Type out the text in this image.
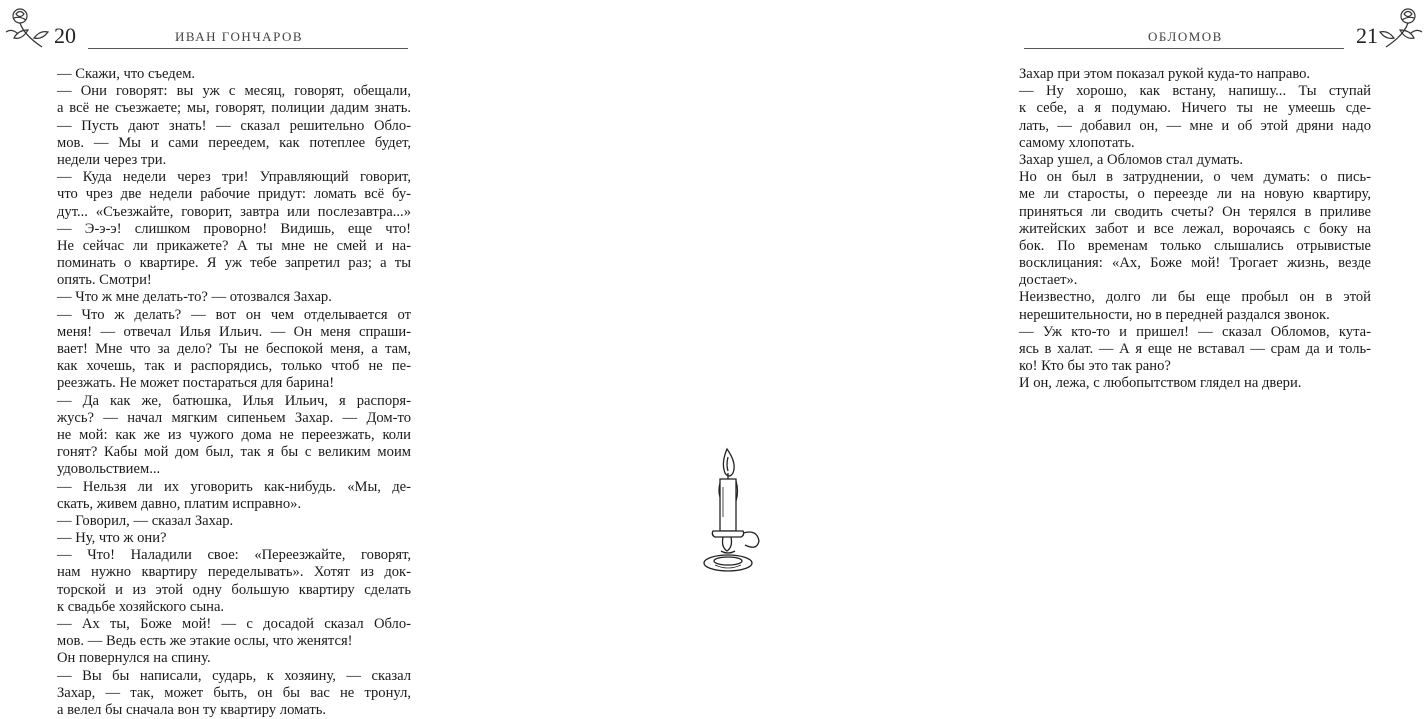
20	ИВАН ГОНЧАРОВ
— Скажи, что съедем.
— Они говорят: вы уж с месяц, говорят, обещали,
а всё не съезжаете; мы, говорят, полиции дадим знать.
— Пусть дают знать! — сказал решительно Обло-
мов. — Мы и сами переедем, как потеплее будет,
недели через три.
— Куда недели через три! Управляющий говорит,
что чрез две недели рабочие придут: ломать всё бу-
дут... «Съезжайте, говорит, завтра или послезавтра...»
— Э-э-э! слишком проворно! Видишь, еще что!
Не сейчас ли прикажете? А ты мне не смей и на-
поминать о квартире. Я уж тебе запретил раз; а ты
опять. Смотри!
— Что ж мне делать-то? — отозвался Захар.
— Что ж делать? — вот он чем отделывается от
меня! — отвечал Илья Ильич. — Он меня спраши-
вает! Мне что за дело? Ты не беспокой меня, а там,
как хочешь, так и распорядись, только чтоб не пе-
реезжать. Не может постараться для барина!
— Да как же, батюшка, Илья Ильич, я распоря-
жусь? — начал мягким сипеньем Захар. — Дом-то
не мой: как же из чужого дома не переезжать, коли
гонят? Кабы мой дом был, так я бы с великим моим
удовольствием...
— Нельзя ли их уговорить как-нибудь. «Мы, де-
скать, живем давно, платим исправно».
— Говорил, — сказал Захар.
— Ну, что ж они?
— Что! Наладили свое: «Переезжайте, говорят,
нам нужно квартиру переделывать». Хотят из док-
торской и из этой одну большую квартиру сделать
к свадьбе хозяйского сына.
— Ах ты, Боже мой! — с досадой сказал Обло-
мов. — Ведь есть же этакие ослы, что женятся!
Он повернулся на спину.
— Вы бы написали, сударь, к хозяину, — сказал
Захар, — так, может быть, он бы вас не тронул,
а велел бы сначала вон ту квартиру ломать.
ОБЛОМОВ	21
Захар при этом показал рукой куда-то направо.
— Ну хорошо, как встану, напишу... Ты ступай
к себе, а я подумаю. Ничего ты не умеешь сде-
лать, — добавил он, — мне и об этой дряни надо
самому хлопотать.
Захар ушел, а Обломов стал думать.
Но он был в затруднении, о чем думать: о пись-
ме ли старосты, о переезде ли на новую квартиру,
приняться ли сводить счеты? Он терялся в приливе
житейских забот и все лежал, ворочаясь с боку на
бок. По временам только слышались отрывистые
восклицания: «Ах, Боже мой! Трогает жизнь, везде
достает».
Неизвестно, долго ли бы еще пробыл он в этой
нерешительности, но в передней раздался звонок.
— Уж кто-то и пришел! — сказал Обломов, кута-
ясь в халат. — А я еще не вставал — срам да и толь-
ко! Кто бы это так рано?
И он, лежа, с любопытством глядел на двери.
